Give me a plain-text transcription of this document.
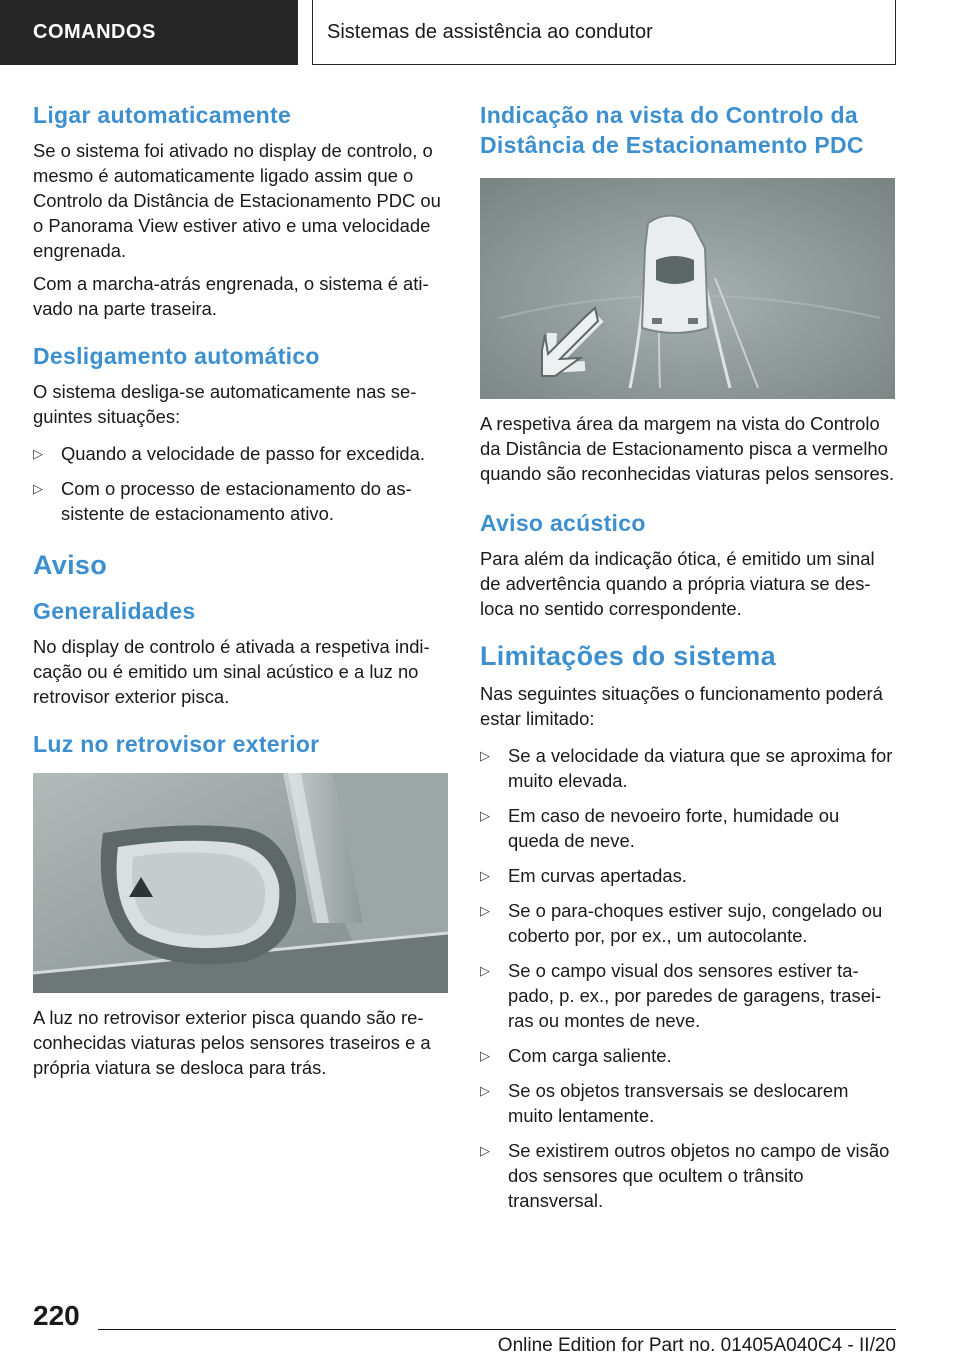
COMANDOS	Sistemas de assistência ao condutor
Ligar automaticamente

Se o sistema foi ativado no display de controlo, o mesmo é automaticamente ligado assim que o Controlo da Distância de Estacionamento PDC ou o Panorama View estiver ativo e uma velocidade engrenada.

Com a marcha-atrás engrenada, o sistema é ativado na parte traseira.

Desligamento automático

O sistema desliga-se automaticamente nas seguintes situações:

▷ Quando a velocidade de passo for excedida.
▷ Com o processo de estacionamento do assistente de estacionamento ativo.
Aviso
Generalidades

No display de controlo é ativada a respetiva indicação ou é emitido um sinal acústico e a luz no retrovisor exterior pisca.

Luz no retrovisor exterior

A luz no retrovisor exterior pisca quando são reconhecidas viaturas pelos sensores traseiros e a própria viatura se desloca para trás.

Indicação na vista do Controlo da Distância de Estacionamento PDC

A respetiva área da margem na vista do Controlo da Distância de Estacionamento pisca a vermelho quando são reconhecidas viaturas pelos sensores.

Aviso acústico

Para além da indicação ótica, é emitido um sinal de advertência quando a própria viatura se desloca no sentido correspondente.

Limitações do sistema

Nas seguintes situações o funcionamento poderá estar limitado:

▷ Se a velocidade da viatura que se aproxima for muito elevada.
▷ Em caso de nevoeiro forte, humidade ou queda de neve.
▷ Em curvas apertadas.
▷ Se o para-choques estiver sujo, congelado ou coberto por, por ex., um autocolante.
▷ Se o campo visual dos sensores estiver tapado, p. ex., por paredes de garagens, traseiras ou montes de neve.
▷ Com carga saliente.
▷ Se os objetos transversais se deslocarem muito lentamente.
▷ Se existirem outros objetos no campo de visão dos sensores que ocultem o trânsito transversal.
220
Online Edition for Part no. 01405A040C4 - II/20
